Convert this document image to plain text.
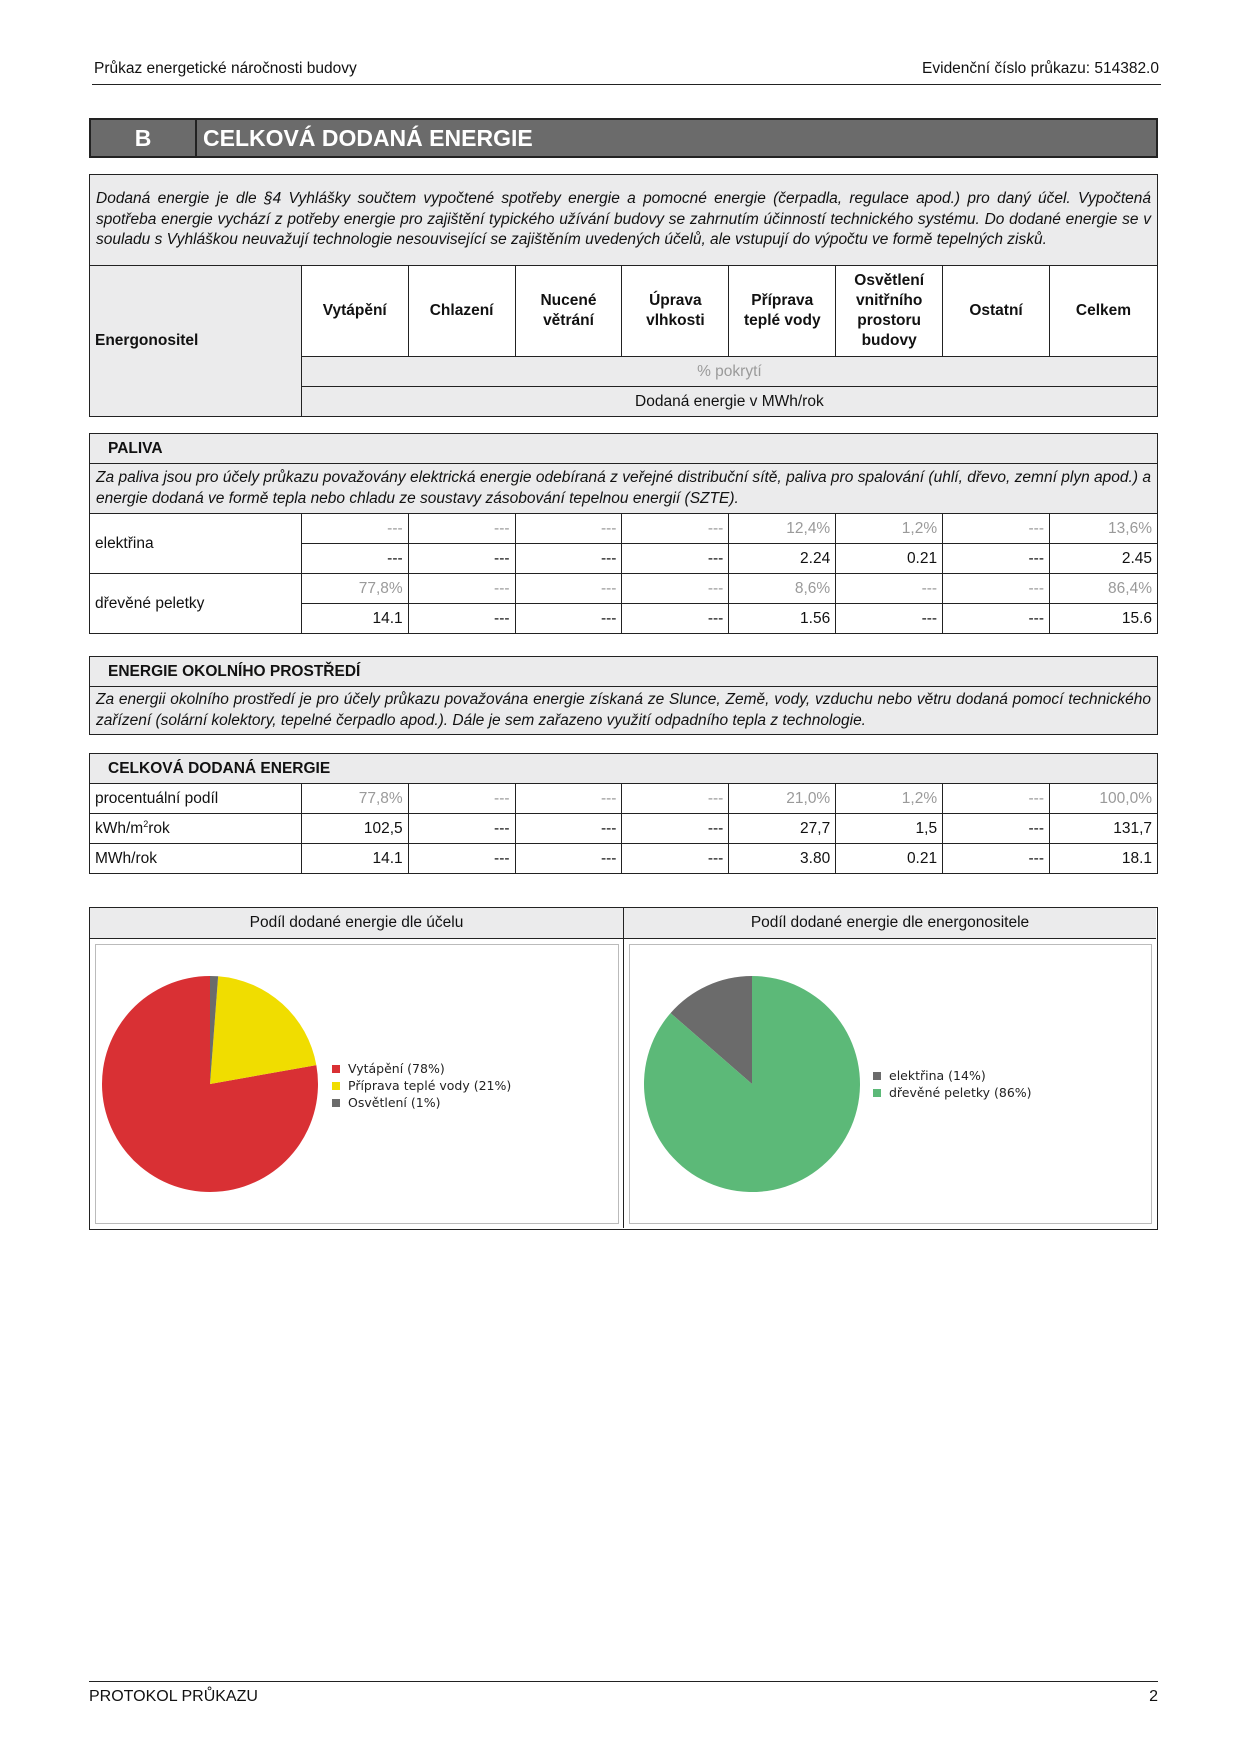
Průkaz energetické náročnosti budovy	Evidenční číslo průkazu: 514382.0
B	CELKOVÁ DODANÁ ENERGIE
Dodaná energie je dle §4 Vyhlášky součtem vypočtené spotřeby energie a pomocné energie (čerpadla, regulace apod.) pro daný účel. Vypočtená spotřeba energie vychází z potřeby energie pro zajištění typického užívání budovy se zahrnutím účinností technického systému. Do dodané energie se v souladu s Vyhláškou neuvažují technologie nesouvisející se zajištěním uvedených účelů, ale vstupují do výpočtu ve formě tepelných zisků.
Energonositel	Vytápění	Chlazení	Nucené větrání	Úprava vlhkosti	Příprava teplé vody	Osvětlení vnitřního prostoru budovy	Ostatní	Celkem
% pokrytí
Dodaná energie v MWh/rok
PALIVA								
Za paliva jsou pro účely průkazu považovány elektrická energie odebíraná z veřejné distribuční sítě, paliva pro spalování (uhlí, dřevo, zemní plyn apod.) a energie dodaná ve formě tepla nebo chladu ze soustavy zásobování tepelnou energií (SZTE).								
elektřina	---	---	---	---	12,4%	1,2%	---	13,6%
	---	---	---	---	2.24	0.21	---	2.45
dřevěné peletky	77,8%	---	---	---	8,6%	---	---	86,4%
	14.1	---	---	---	1.56	---	---	15.6
ENERGIE OKOLNÍHO PROSTŘEDÍ
Za energii okolního prostředí je pro účely průkazu považována energie získaná ze Slunce, Země, vody, vzduchu nebo větru dodaná pomocí technického zařízení (solární kolektory, tepelné čerpadlo apod.). Dále je sem zařazeno využití odpadního tepla z technologie.
CELKOVÁ DODANÁ ENERGIE								
procentuální podíl	77,8%	---	---	---	21,0%	1,2%	---	100,0%
kWh/$m^2rok$	102,5	---	---	---	27,7	1,5	---	131,7
MWh/rok	14.1	---	---	---	3.80	0.21	---	18.1
Podíl dodané energie dle účelu
Vytápění (78%)
Příprava teplé vody (21%)
Osvětlení (1%)
Podíl dodané energie dle energonositele
elektřina (14%)
dřevěné peletky (86%)
PROTOKOL PRŮKAZU	2
